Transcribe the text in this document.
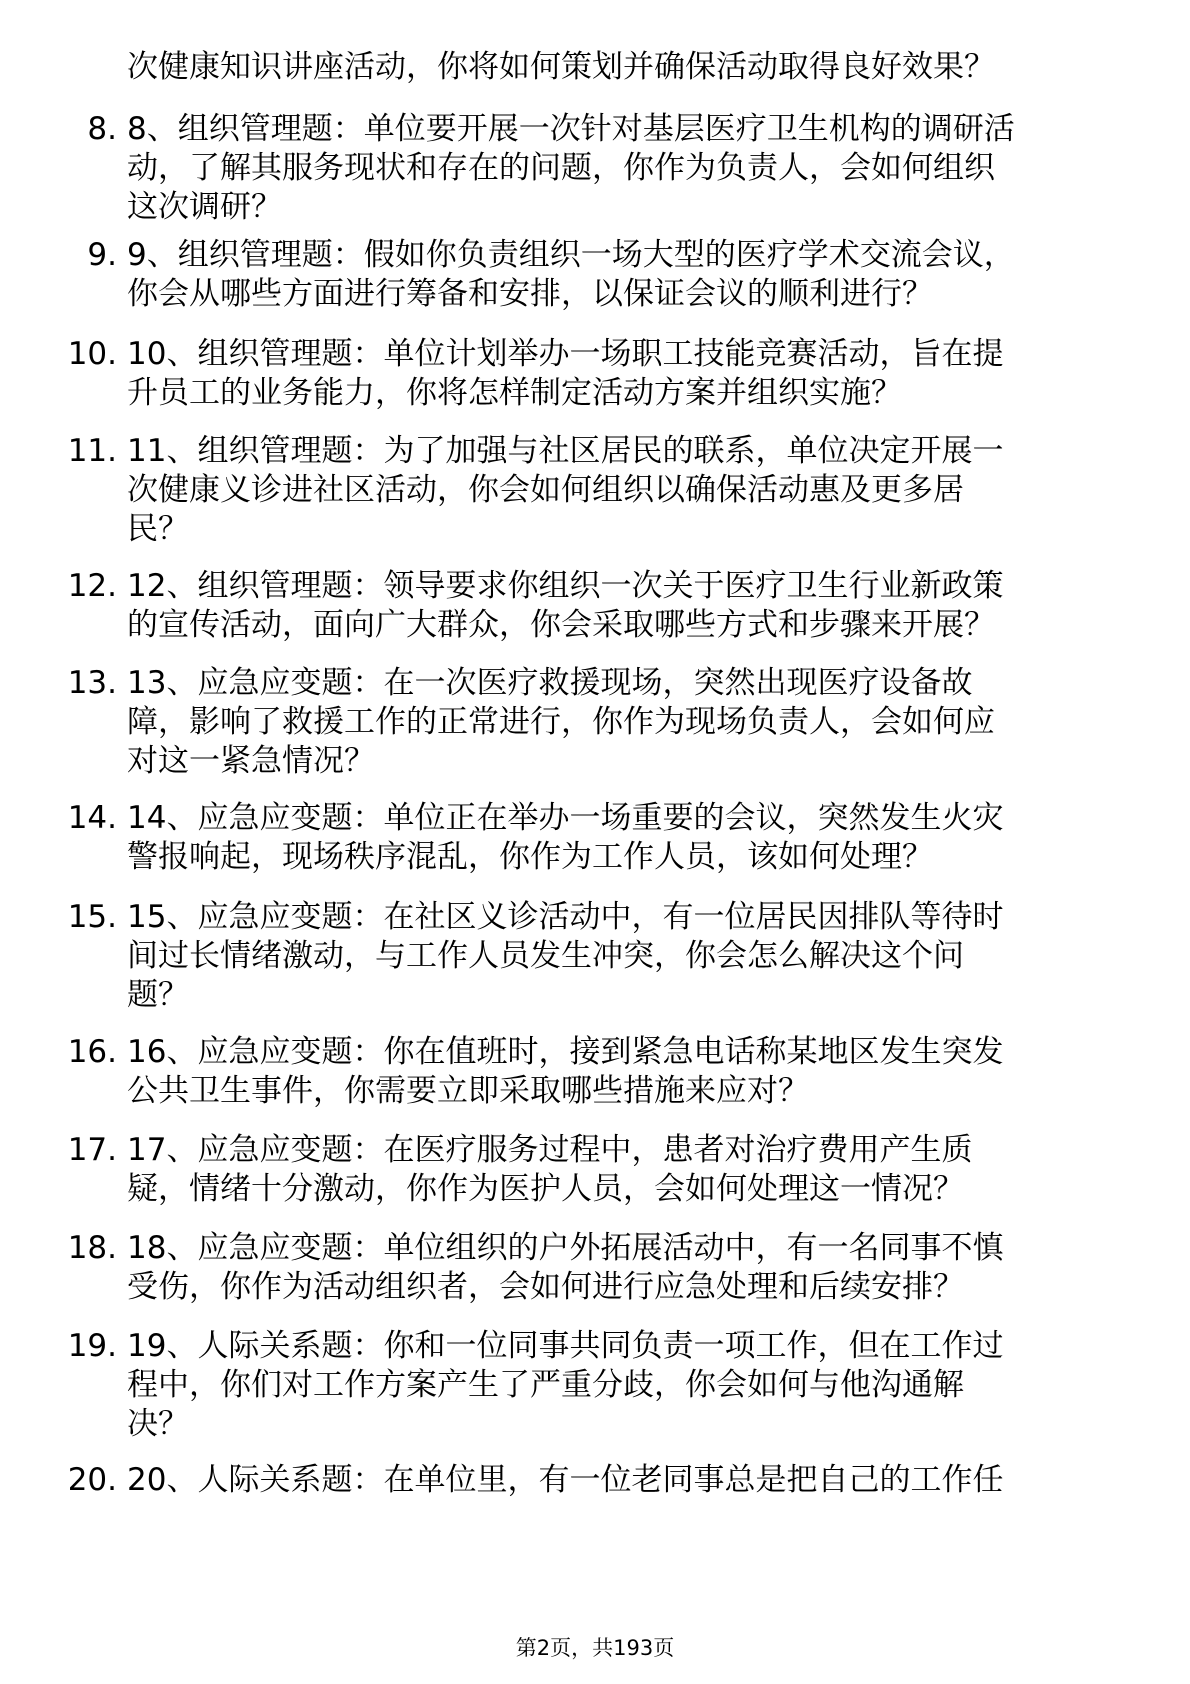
次健康知识讲座活动，你将如何策划并确保活动取得良好效果？
8. 8、组织管理题：单位要开展一次针对基层医疗卫生机构的调研活
动，了解其服务现状和存在的问题，你作为负责人，会如何组织
这次调研？
9. 9、组织管理题：假如你负责组织一场大型的医疗学术交流会议，
你会从哪些方面进行筹备和安排，以保证会议的顺利进行？
10. 10、组织管理题：单位计划举办一场职工技能竞赛活动，旨在提
升员工的业务能力，你将怎样制定活动方案并组织实施？
11. 11、组织管理题：为了加强与社区居民的联系，单位决定开展一
次健康义诊进社区活动，你会如何组织以确保活动惠及更多居
民？
12. 12、组织管理题：领导要求你组织一次关于医疗卫生行业新政策
的宣传活动，面向广大群众，你会采取哪些方式和步骤来开展？
13. 13、应急应变题：在一次医疗救援现场，突然出现医疗设备故
障，影响了救援工作的正常进行，你作为现场负责人，会如何应
对这一紧急情况？
14. 14、应急应变题：单位正在举办一场重要的会议，突然发生火灾
警报响起，现场秩序混乱，你作为工作人员，该如何处理？
15. 15、应急应变题：在社区义诊活动中，有一位居民因排队等待时
间过长情绪激动，与工作人员发生冲突，你会怎么解决这个问
题？
16. 16、应急应变题：你在值班时，接到紧急电话称某地区发生突发
公共卫生事件，你需要立即采取哪些措施来应对？
17. 17、应急应变题：在医疗服务过程中，患者对治疗费用产生质
疑，情绪十分激动，你作为医护人员，会如何处理这一情况？
18. 18、应急应变题：单位组织的户外拓展活动中，有一名同事不慎
受伤，你作为活动组织者，会如何进行应急处理和后续安排？
19. 19、人际关系题：你和一位同事共同负责一项工作，但在工作过
程中，你们对工作方案产生了严重分歧，你会如何与他沟通解
决？
20. 20、人际关系题：在单位里，有一位老同事总是把自己的工作任
第2页，共193页
